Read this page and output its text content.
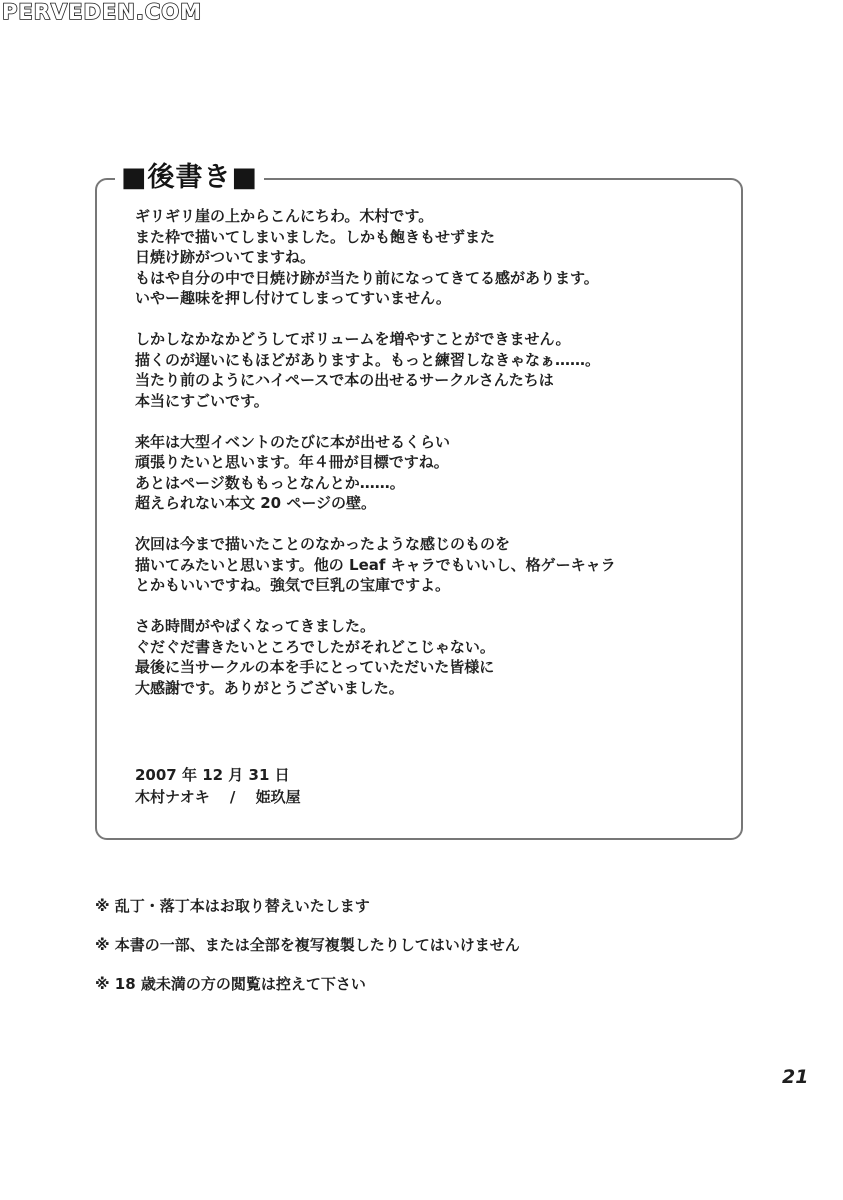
PERVEDEN.COM
■後書き■
ギリギリ崖の上からこんにちわ。木村です。
また枠で描いてしまいました。しかも飽きもせずまた
日焼け跡がついてますね。
もはや自分の中で日焼け跡が当たり前になってきてる感があります。
いやー趣味を押し付けてしまってすいません。
しかしなかなかどうしてボリュームを増やすことができません。
描くのが遅いにもほどがありますよ。もっと練習しなきゃなぁ……。
当たり前のようにハイペースで本の出せるサークルさんたちは
本当にすごいです。
来年は大型イベントのたびに本が出せるくらい
頑張りたいと思います。年４冊が目標ですね。
あとはページ数ももっとなんとか……。
超えられない本文 20 ページの壁。
次回は今まで描いたことのなかったような感じのものを
描いてみたいと思います。他の Leaf キャラでもいいし、格ゲーキャラ
とかもいいですね。強気で巨乳の宝庫ですよ。
さあ時間がやばくなってきました。
ぐだぐだ書きたいところでしたがそれどこじゃない。
最後に当サークルの本を手にとっていただいた皆様に
大感謝です。ありがとうございました。
2007 年 12 月 31 日
木村ナオキ　 /　 姫玖屋
※ 乱丁・落丁本はお取り替えいたします
※ 本書の一部、または全部を複写複製したりしてはいけません
※ 18 歳未満の方の閲覧は控えて下さい
21
